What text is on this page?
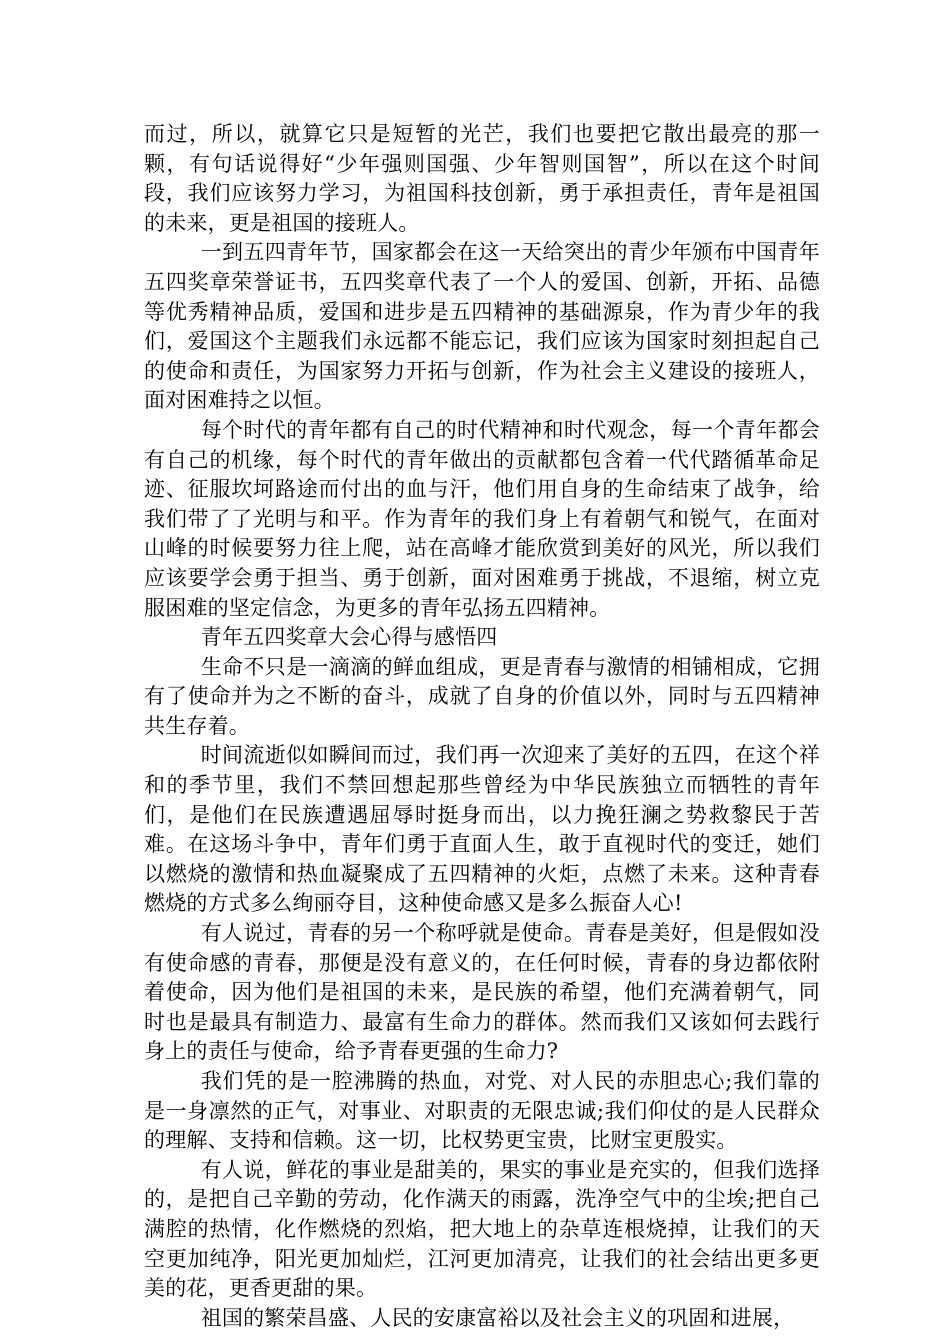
而过，所以，就算它只是短暂的光芒，我们也要把它散出最亮的那一颗，有句话说得好“少年强则国强、少年智则国智”，所以在这个时间段，我们应该努力学习，为祖国科技创新，勇于承担责任，青年是祖国的未来，更是祖国的接班人。

一到五四青年节，国家都会在这一天给突出的青少年颁布中国青年五四奖章荣誉证书，五四奖章代表了一个人的爱国、创新，开拓、品德等优秀精神品质，爱国和进步是五四精神的基础源泉，作为青少年的我们，爱国这个主题我们永远都不能忘记，我们应该为国家时刻担起自己的使命和责任，为国家努力开拓与创新，作为社会主义建设的接班人，面对困难持之以恒。

每个时代的青年都有自己的时代精神和时代观念，每一个青年都会有自己的机缘，每个时代的青年做出的贡献都包含着一代代踏循革命足迹、征服坎坷路途而付出的血与汗，他们用自身的生命结束了战争，给我们带了了光明与和平。作为青年的我们身上有着朝气和锐气，在面对山峰的时候要努力往上爬，站在高峰才能欣赏到美好的风光，所以我们应该要学会勇于担当、勇于创新，面对困难勇于挑战，不退缩，树立克服困难的坚定信念，为更多的青年弘扬五四精神。

青年五四奖章大会心得与感悟四

生命不只是一滴滴的鲜血组成，更是青春与激情的相铺相成，它拥有了使命并为之不断的奋斗，成就了自身的价值以外，同时与五四精神共生存着。

时间流逝似如瞬间而过，我们再一次迎来了美好的五四，在这个祥和的季节里，我们不禁回想起那些曾经为中华民族独立而牺牲的青年们，是他们在民族遭遇屈辱时挺身而出，以力挽狂澜之势救黎民于苦难。在这场斗争中，青年们勇于直面人生，敢于直视时代的变迁，她们以燃烧的激情和热血凝聚成了五四精神的火炬，点燃了未来。这种青春燃烧的方式多么绚丽夺目，这种使命感又是多么振奋人心!

有人说过，青春的另一个称呼就是使命。青春是美好，但是假如没有使命感的青春，那便是没有意义的，在任何时候，青春的身边都依附着使命，因为他们是祖国的未来，是民族的希望，他们充满着朝气，同时也是最具有制造力、最富有生命力的群体。然而我们又该如何去践行身上的责任与使命，给予青春更强的生命力?

我们凭的是一腔沸腾的热血，对党、对人民的赤胆忠心;我们靠的是一身凛然的正气，对事业、对职责的无限忠诚;我们仰仗的是人民群众的理解、支持和信赖。这一切，比权势更宝贵，比财宝更殷实。

有人说，鲜花的事业是甜美的，果实的事业是充实的，但我们选择的，是把自己辛勤的劳动，化作满天的雨露，洗净空气中的尘埃;把自己满腔的热情，化作燃烧的烈焰，把大地上的杂草连根烧掉，让我们的天空更加纯净，阳光更加灿烂，江河更加清亮，让我们的社会结出更多更美的花，更香更甜的果。

祖国的繁荣昌盛、人民的安康富裕以及社会主义的巩固和进展，
